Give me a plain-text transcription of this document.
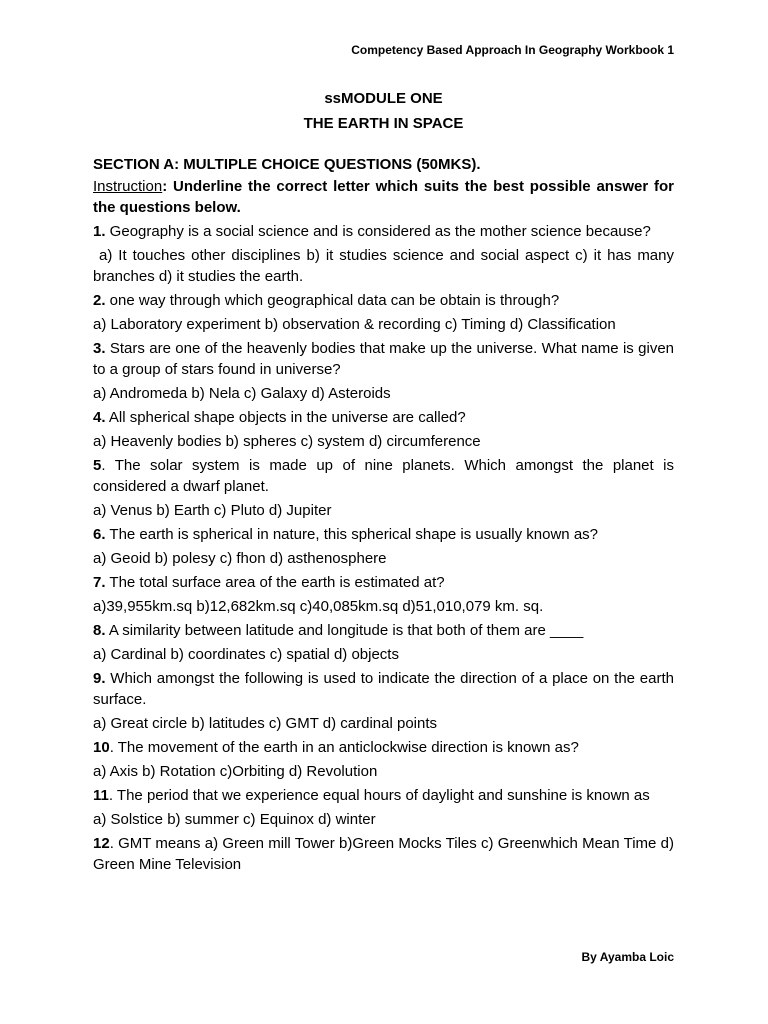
Competency Based Approach In Geography Workbook 1
ssMODULE ONE
THE EARTH IN SPACE
SECTION A: MULTIPLE CHOICE QUESTIONS (50MKS).
Instruction: Underline the correct letter which suits the best possible answer for the questions below.
1. Geography is a social science and is considered as the mother science because?
a) It touches other disciplines b) it studies science and social aspect c) it has many branches d) it studies the earth.
2. one way through which geographical data can be obtain is through?
a) Laboratory experiment b) observation & recording c) Timing d) Classification
3. Stars are one of the heavenly bodies that make up the universe. What name is given to a group of stars found in universe?
a) Andromeda b) Nela c) Galaxy d) Asteroids
4. All spherical shape objects in the universe are called?
a) Heavenly bodies b) spheres c) system d) circumference
5. The solar system is made up of nine planets. Which amongst the planet is considered a dwarf planet.
a) Venus b) Earth c) Pluto d) Jupiter
6. The earth is spherical in nature, this spherical shape is usually known as?
a) Geoid b) polesy c) fhon d) asthenosphere
7. The total surface area of the earth is estimated at?
a)39,955km.sq b)12,682km.sq c)40,085km.sq d)51,010,079 km. sq.
8. A similarity between latitude and longitude is that both of them are ____
a) Cardinal b) coordinates c) spatial d) objects
9. Which amongst the following is used to indicate the direction of a place on the earth surface.
a) Great circle b) latitudes c) GMT d) cardinal points
10. The movement of the earth in an anticlockwise direction is known as?
a) Axis b) Rotation c)Orbiting d) Revolution
11. The period that we experience equal hours of daylight and sunshine is known as
a) Solstice b) summer c) Equinox d) winter
12. GMT means a) Green mill Tower b)Green Mocks Tiles c) Greenwhich Mean Time d) Green Mine Television
By Ayamba Loic
